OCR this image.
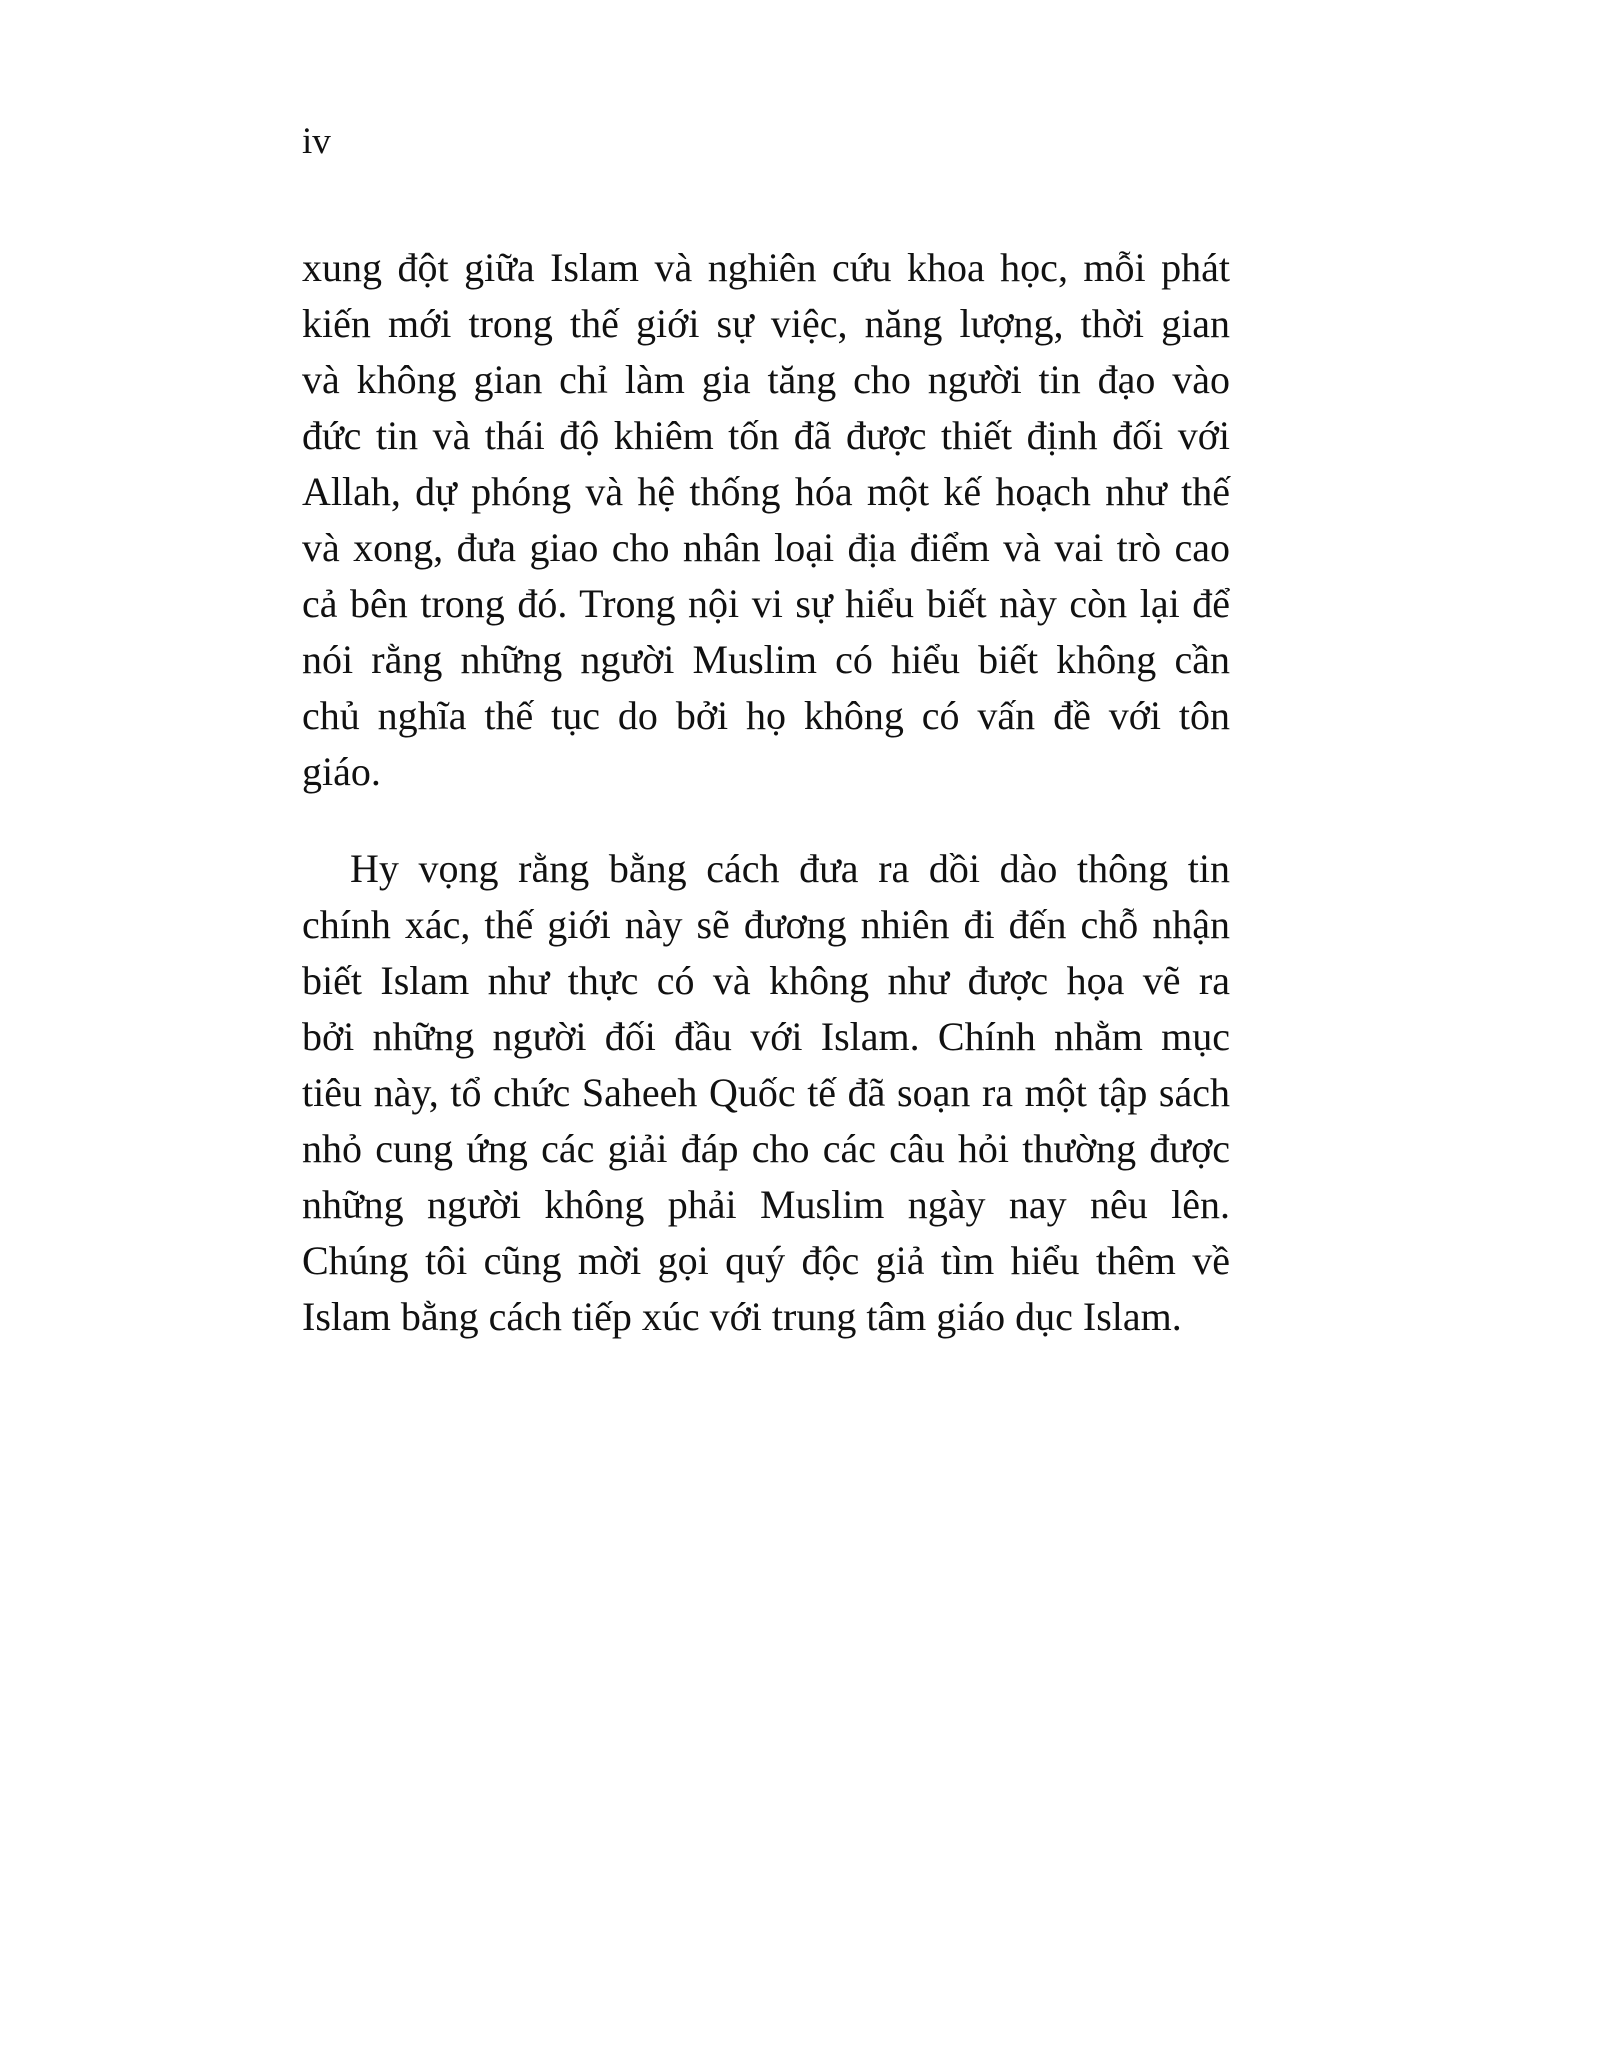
iv
xung đột giữa Islam và nghiên cứu khoa học, mỗi phát
kiến mới trong thế giới sự việc, năng lượng, thời gian
và không gian chỉ làm gia tăng cho người tin đạo vào
đức tin và thái độ khiêm tốn đã được thiết định đối với
Allah, dự phóng và hệ thống hóa một kế hoạch như thế
và xong, đưa giao cho nhân loại địa điểm và vai trò cao
cả bên trong đó. Trong nội vi sự hiểu biết này còn lại để
nói rằng những người Muslim có hiểu biết không cần
chủ nghĩa thế tục do bởi họ không có vấn đề với tôn
giáo.
Hy vọng rằng bằng cách đưa ra dồi dào thông tin
chính xác, thế giới này sẽ đương nhiên đi đến chỗ nhận
biết Islam như thực có và không như được họa vẽ ra
bởi những người đối đầu với Islam. Chính nhằm mục
tiêu này, tổ chức Saheeh Quốc tế đã soạn ra một tập sách
nhỏ cung ứng các giải đáp cho các câu hỏi thường được
những người không phải Muslim ngày nay nêu lên.
Chúng tôi cũng mời gọi quý độc giả tìm hiểu thêm về
Islam bằng cách tiếp xúc với trung tâm giáo dục Islam.
